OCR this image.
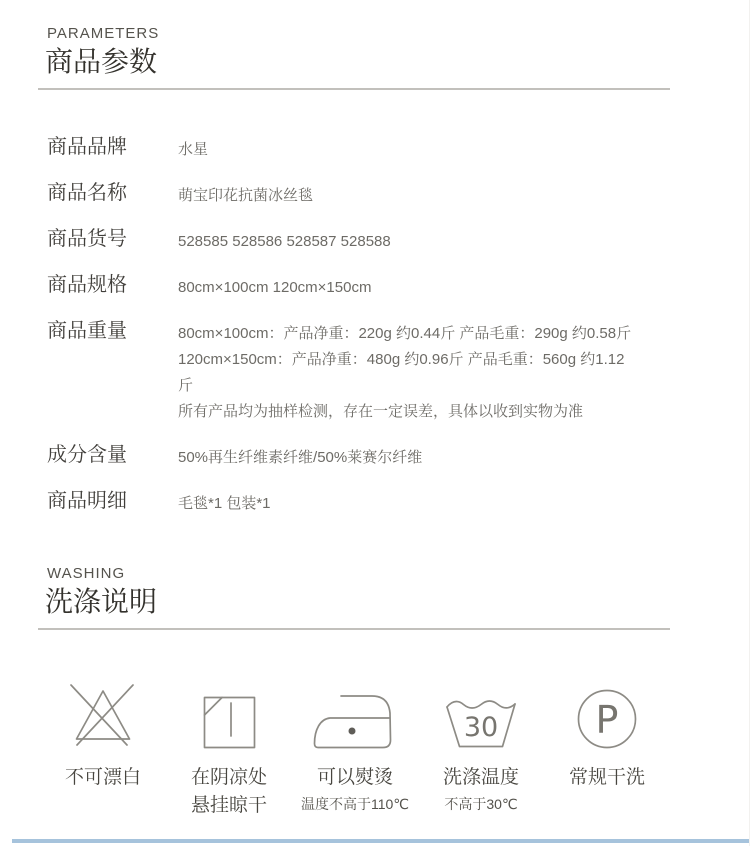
PARAMETERS
商品参数
商品品牌	水星
商品名称	萌宝印花抗菌冰丝毯
商品货号	528585 528586 528587 528588
商品规格	80cm×100cm 120cm×150cm
商品重量	80cm×100cm：产品净重：220g 约0.44斤 产品毛重：290g 约0.58斤
120cm×150cm：产品净重：480g 约0.96斤 产品毛重：560g 约1.12斤
所有产品均为抽样检测，存在一定误差，具体以收到实物为准
成分含量	50%再生纤维素纤维/50%莱赛尔纤维
商品明细	毛毯*1 包装*1
WASHING
洗涤说明
不可漂白	在阴凉处
悬挂晾干
可以熨烫
温度不高于110℃
30
洗涤温度
不高于30℃
P
常规干洗
